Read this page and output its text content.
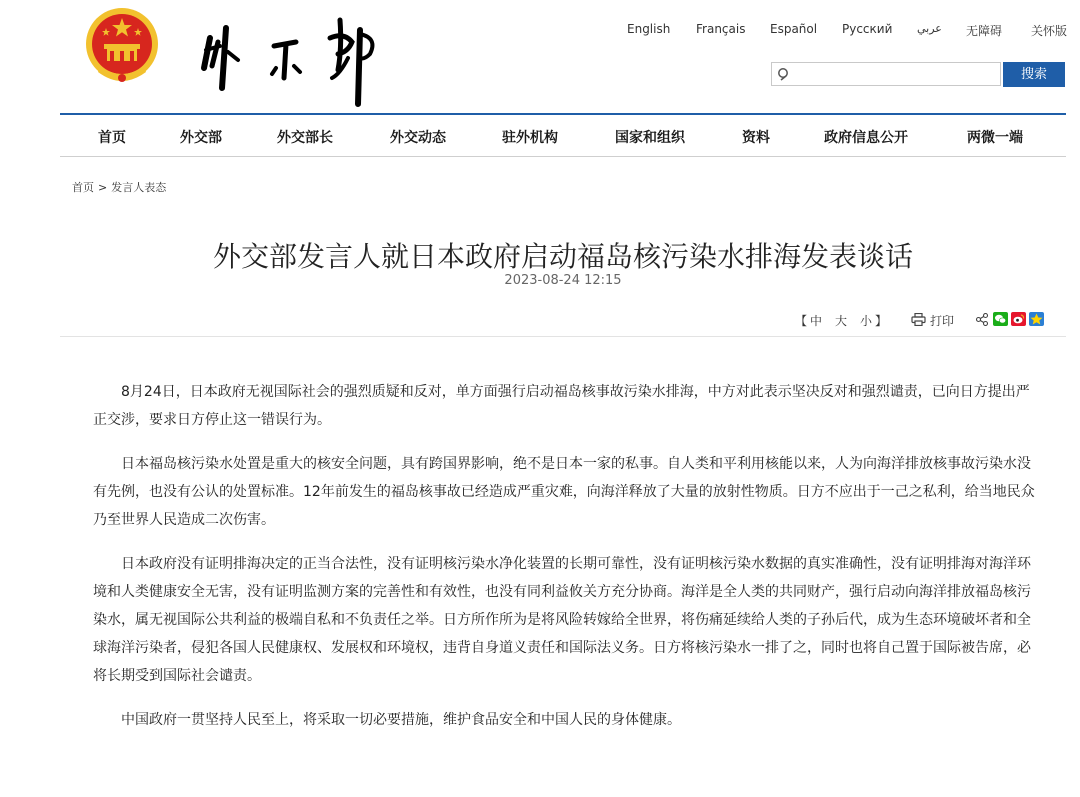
English Français Español Русский عربي 无障碍 关怀版
搜索
首页	外交部	外交部长	外交动态	驻外机构	国家和组织	资料	政府信息公开	两微一端
首页 > 发言人表态
外交部发言人就日本政府启动福岛核污染水排海发表谈话
2023-08-24 12:15
【 中 大 小 】	打印

8月24日，日本政府无视国际社会的强烈质疑和反对，单方面强行启动福岛核事故污染水排海，中方对此表示坚决反对和强烈谴责，已向日方提出严正交涉，要求日方停止这一错误行为。

日本福岛核污染水处置是重大的核安全问题，具有跨国界影响，绝不是日本一家的私事。自人类和平利用核能以来，人为向海洋排放核事故污染水没有先例，也没有公认的处置标准。12年前发生的福岛核事故已经造成严重灾难，向海洋释放了大量的放射性物质。日方不应出于一己之私利，给当地民众乃至世界人民造成二次伤害。

日本政府没有证明排海决定的正当合法性，没有证明核污染水净化装置的长期可靠性，没有证明核污染水数据的真实准确性，没有证明排海对海洋环境和人类健康安全无害，没有证明监测方案的完善性和有效性，也没有同利益攸关方充分协商。海洋是全人类的共同财产，强行启动向海洋排放福岛核污染水，属无视国际公共利益的极端自私和不负责任之举。日方所作所为是将风险转嫁给全世界，将伤痛延续给人类的子孙后代，成为生态环境破坏者和全球海洋污染者，侵犯各国人民健康权、发展权和环境权，违背自身道义责任和国际法义务。日方将核污染水一排了之，同时也将自己置于国际被告席，必将长期受到国际社会谴责。

中国政府一贯坚持人民至上，将采取一切必要措施，维护食品安全和中国人民的身体健康。
